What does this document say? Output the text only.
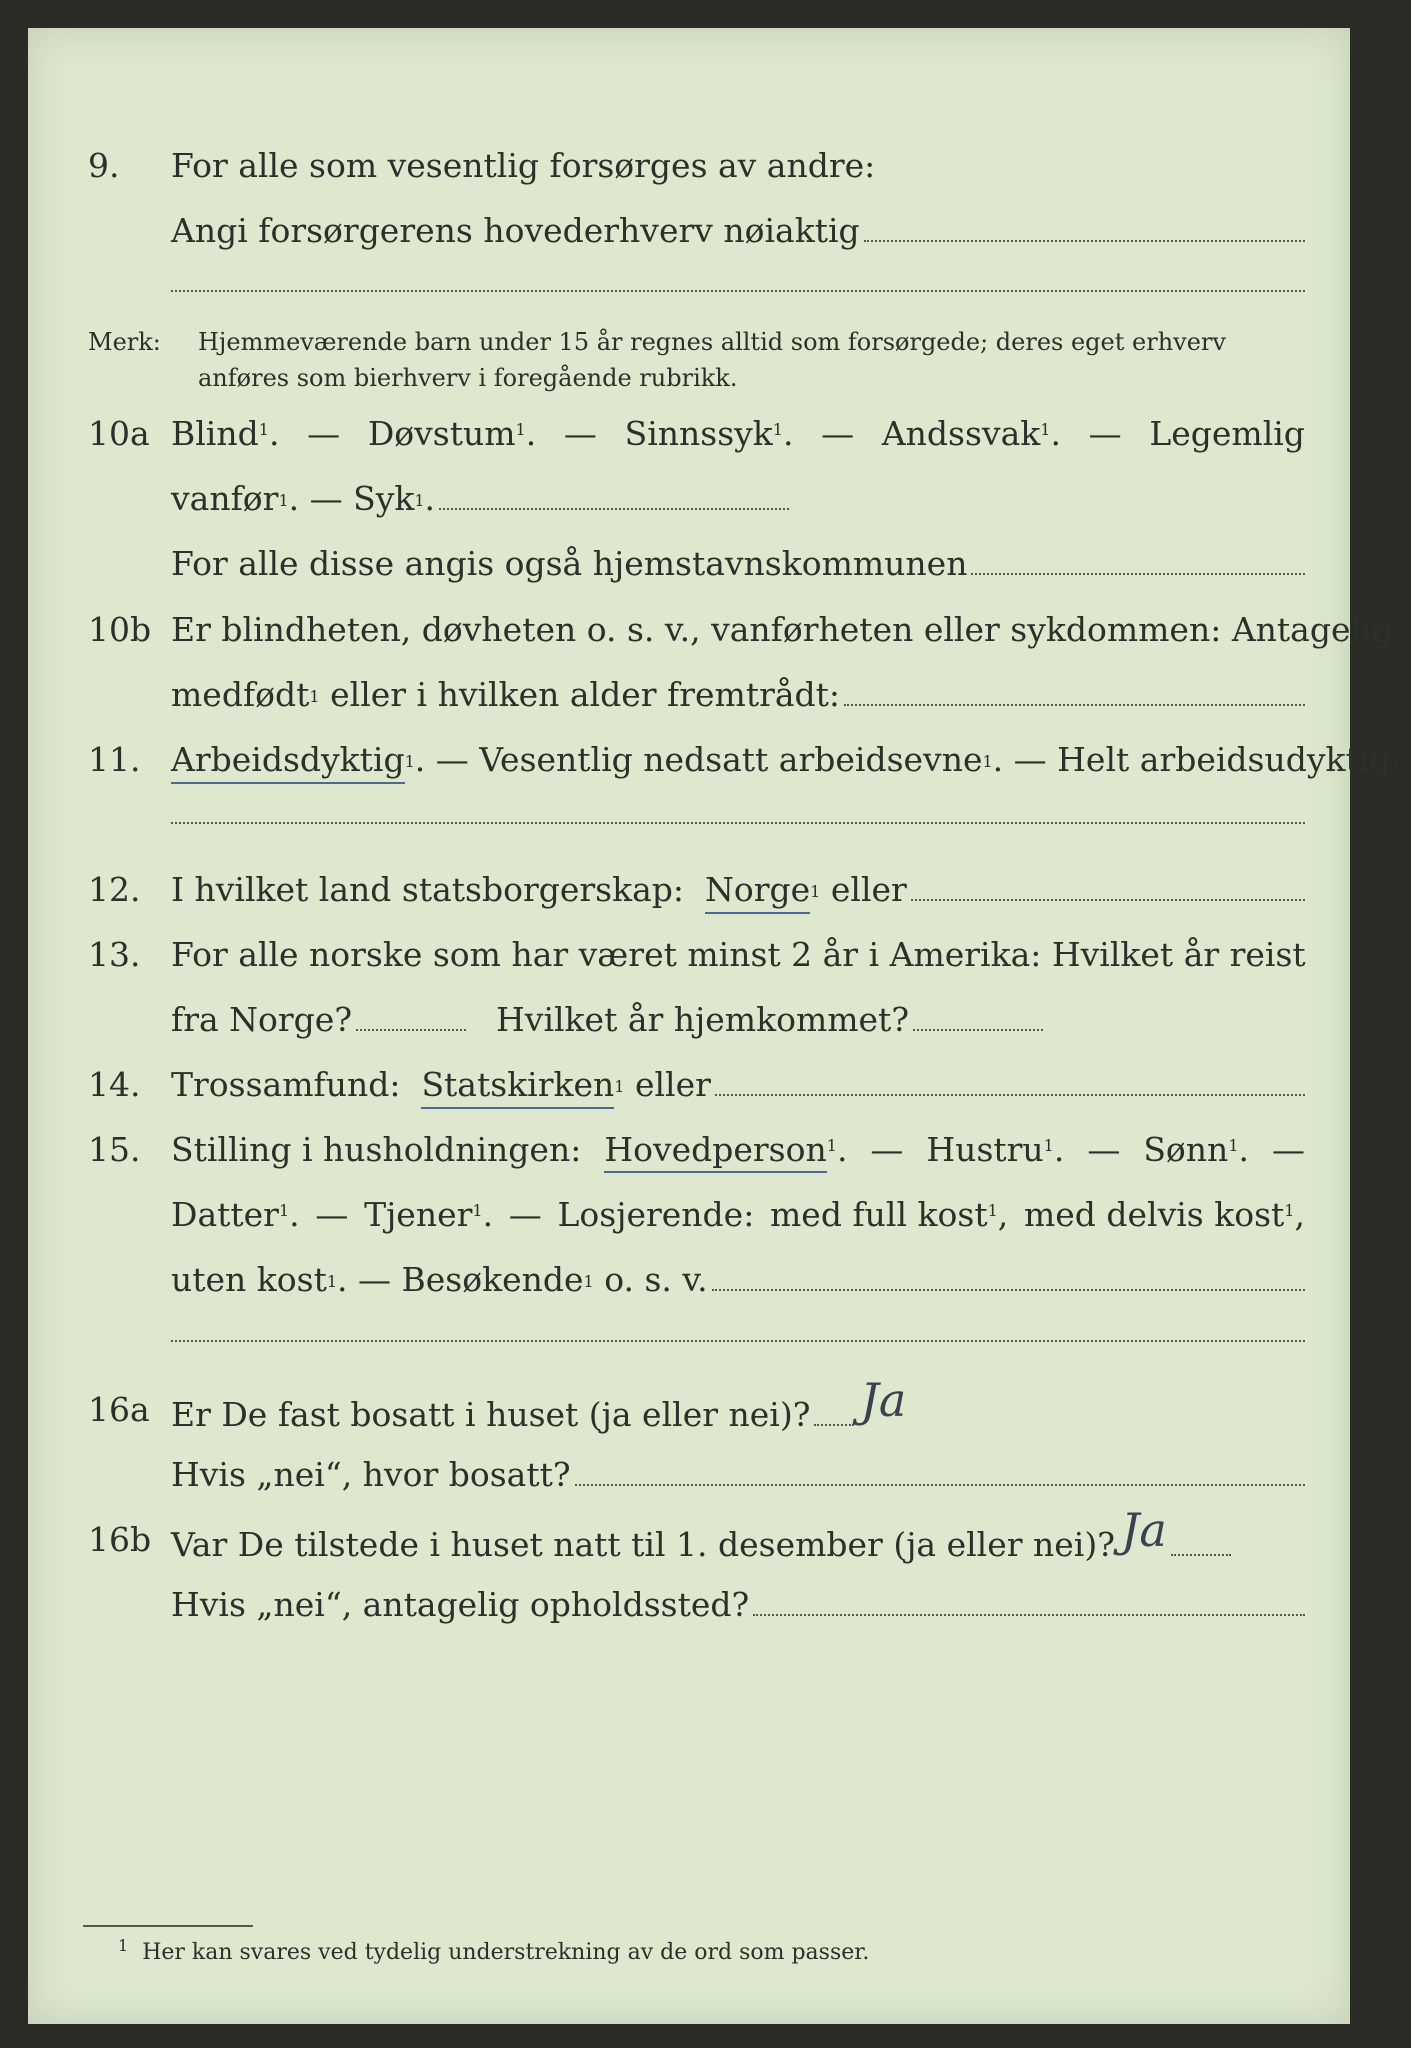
9. For alle som vesentlig forsørges av andre:
Angi forsørgerens hovederhverv nøiaktig
Merk: Hjemmeværende barn under 15 år regnes alltid som forsørgede; deres eget erhverv
anføres som bierhverv i foregående rubrikk.
10a Blind$^1$. — Døvstum$^1$. — Sinnssyk$^1$. — Andssvak$^1$. — Legemlig
vanfør$^1$ . —
Syk$^1$ .
For alle disse angis også hjemstavnskommunen
10b Er blindheten, døvheten o. s. v., vanførheten eller sykdommen: Antagelig
medfødt$^1$
eller i hvilken alder fremtrådt:
11. Arbeidsdyktig$^1$ . —
Vesentlig nedsatt arbeidsevne$^1$ . —
Helt arbeidsudyktig$^1$ .
12. I hvilket land statsborgerskap:
Norge$^1$
eller
13. For alle norske som har været minst 2 år i Amerika: Hvilket år reist
fra Norge?	Hvilket år hjemkommet?
14. Trossamfund:
Statskirken$^1$
eller
15. Stilling i husholdningen: Hovedperson$^1$. — Hustru$^1$. — Sønn$^1$. —
Datter$^1$. — Tjener$^1$. — Losjerende: med full kost$^1$, med delvis kost$^1$,
uten kost$^1$ . —
Besøkende$^1$
o. s. v.
16a Er De fast bosatt i huset (ja eller nei)? Ja
Hvis „nei“, hvor bosatt?
16b Var De tilstede i huset natt til 1. desember (ja eller nei)? Ja
Hvis „nei“, antagelig opholdssted?
$^1$ Her kan svares ved tydelig understrekning av de ord som passer.
